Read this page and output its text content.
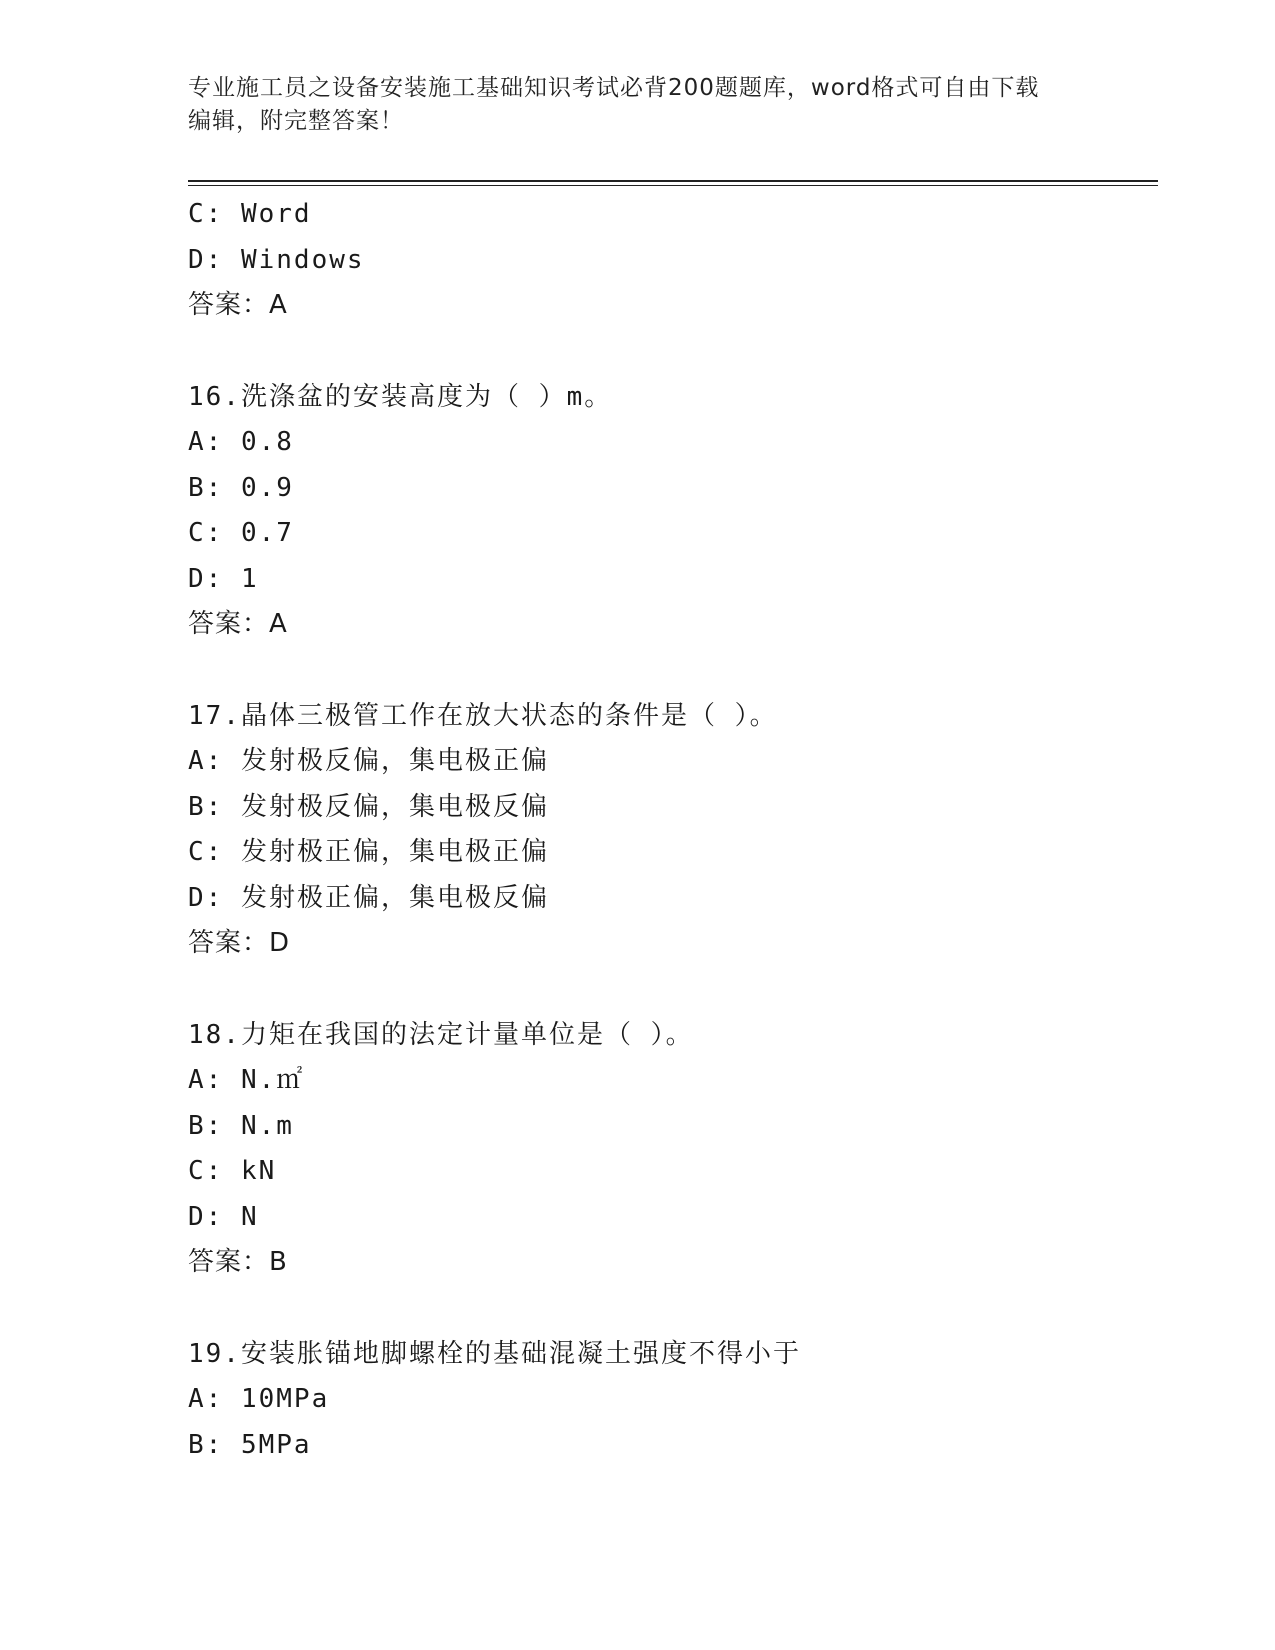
专业施工员之设备安装施工基础知识考试必背200题题库，word格式可自由下载
编辑，附完整答案！
C: Word
D: Windows
答案：A
16.洗涤盆的安装高度为（ ）m。
A: 0.8
B: 0.9
C: 0.7
D: 1
答案：A
17.晶体三极管工作在放大状态的条件是（ ）。
A: 发射极反偏，集电极正偏
B: 发射极反偏，集电极反偏
C: 发射极正偏，集电极正偏
D: 发射极正偏，集电极反偏
答案：D
18.力矩在我国的法定计量单位是（ ）。
A: N.㎡
B: N.m
C: kN
D: N
答案：B
19.安装胀锚地脚螺栓的基础混凝土强度不得小于
A: 10MPa
B: 5MPa
